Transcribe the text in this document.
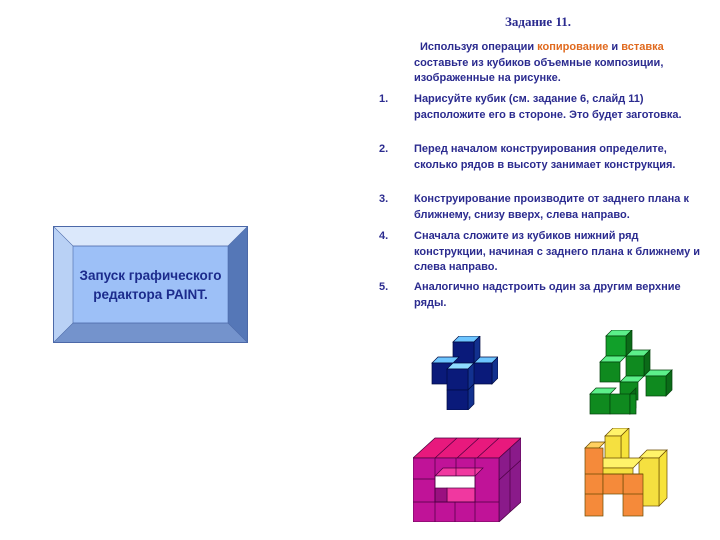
Запуск графического редактора PAINT.
Задание 11.
Используя операции копирование и вставка составьте из кубиков объемные композиции, изображенные на рисунке.
1. Нарисуйте кубик (см. задание 6, слайд 11) расположите его в стороне. Это будет заготовка.
2. Перед началом конструирования определите, сколько рядов в высоту занимает конструкция.
3. Конструирование производите от заднего плана к ближнему, снизу вверх, слева направо.
4. Сначала сложите из кубиков нижний ряд конструкции, начиная с заднего плана к ближнему и слева направо.
5. Аналогично надстроить один за другим верхние ряды.
